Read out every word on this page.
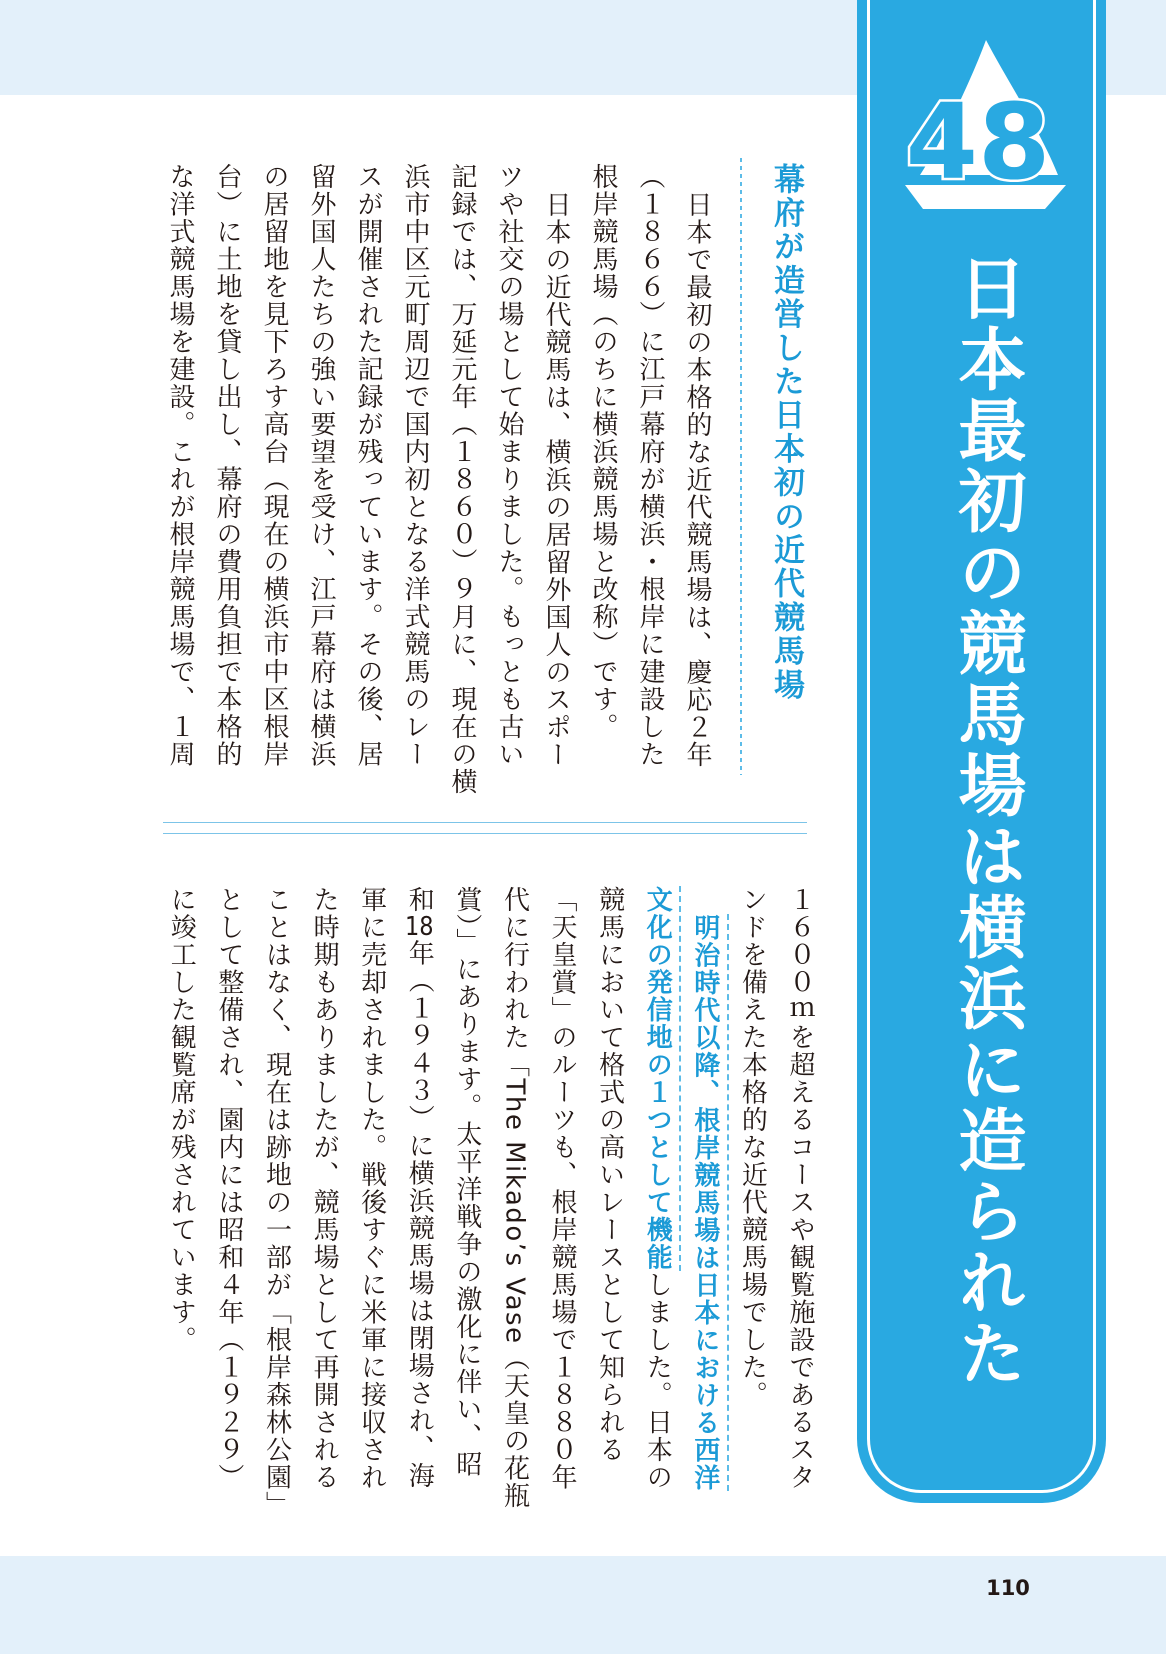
48
日本最初の競馬場は横浜に造られた
幕府が造営した日本初の近代競馬場
日本で最初の本格的な近代競馬場は、慶応２年
（１８６６）に江戸幕府が横浜・根岸に建設した
根岸競馬場（のちに横浜競馬場と改称）です。
日本の近代競馬は、横浜の居留外国人のスポー
ツや社交の場として始まりました。もっとも古い
記録では、万延元年（１８６０）９月に、現在の横
浜市中区元町周辺で国内初となる洋式競馬のレー
スが開催された記録が残っています。その後、居
留外国人たちの強い要望を受け、江戸幕府は横浜
の居留地を見下ろす高台（現在の横浜市中区根岸
台）に土地を貸し出し、幕府の費用負担で本格的
な洋式競馬場を建設。これが根岸競馬場で、１周
１６００ｍを超えるコースや観覧施設であるスタ
ンドを備えた本格的な近代競馬場でした。
明治時代以降、根岸競馬場は日本における西洋
文化の発信地の１つとして機能しました。日本の
競馬において格式の高いレースとして知られる
「天皇賞」のルーツも、根岸競馬場で１８８０年
代に行われた「The Mikado’s Vase（天皇の花瓶
賞）」にあります。太平洋戦争の激化に伴い、昭
和18年（１９４３）に横浜競馬場は閉場され、海
軍に売却されました。戦後すぐに米軍に接収され
た時期もありましたが、競馬場として再開される
ことはなく、現在は跡地の一部が「根岸森林公園」
として整備され、園内には昭和４年（１９２９）
に竣工した観覧席が残されています。
110
